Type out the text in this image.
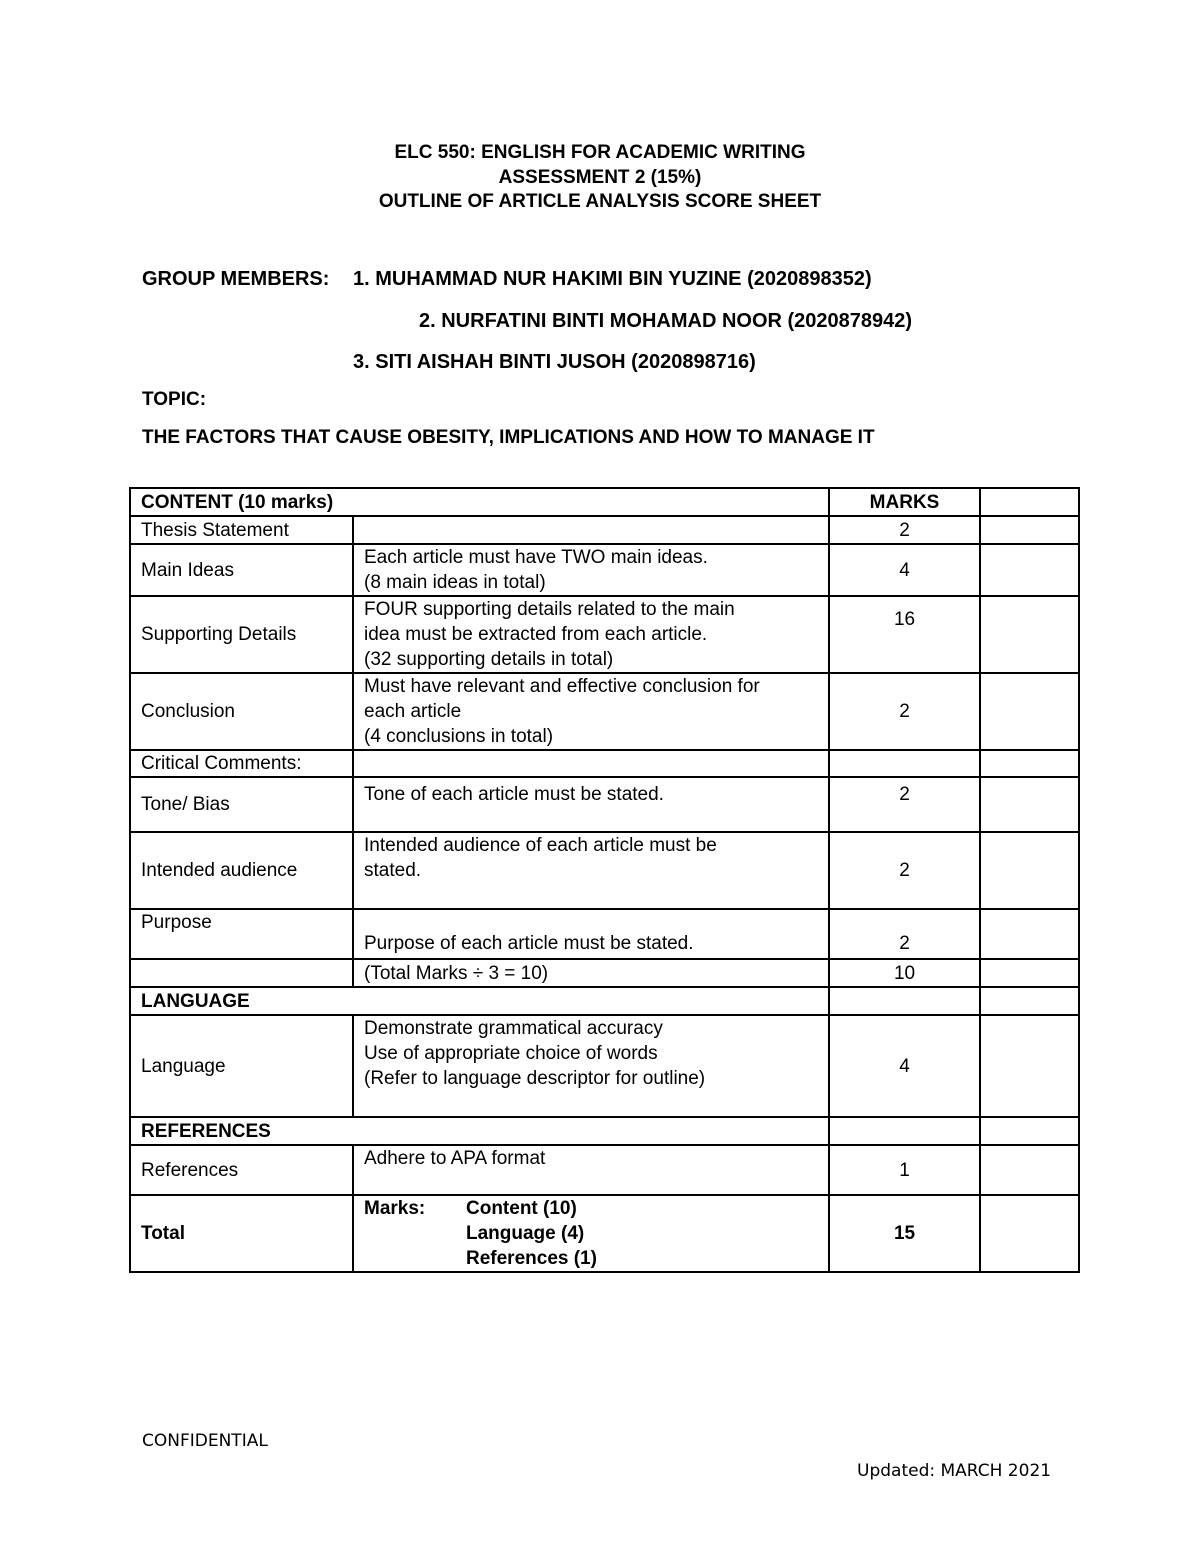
ELC 550: ENGLISH FOR ACADEMIC WRITING
ASSESSMENT 2 (15%)
OUTLINE OF ARTICLE ANALYSIS SCORE SHEET
GROUP MEMBERS: 1. MUHAMMAD NUR HAKIMI BIN YUZINE (2020898352)
2. NURFATINI BINTI MOHAMAD NOOR (2020878942)
3. SITI AISHAH BINTI JUSOH (2020898716)
TOPIC:
THE FACTORS THAT CAUSE OBESITY, IMPLICATIONS AND HOW TO MANAGE IT
CONTENT (10 marks)		MARKS	
Thesis Statement		2	
Main Ideas	Each article must have TWO main ideas.
(8 main ideas in total)	4	
Supporting Details	FOUR supporting details related to the main
idea must be extracted from each article.
(32 supporting details in total)	16	
Conclusion	Must have relevant and effective conclusion for
each article
(4 conclusions in total)	2	
Critical Comments:			
Tone/ Bias	Tone of each article must be stated.	2	
Intended audience	Intended audience of each article must be
stated.	2	
Purpose	Purpose of each article must be stated.	2	

	(Total Marks ÷ 3 = 10)	10	
LANGUAGE			
Language	Demonstrate grammatical accuracy
Use of appropriate choice of words
(Refer to language descriptor for outline)	4	
REFERENCES			
References	Adhere to APA format	1	
Total	Marks: Content (10)
Language (4)
References (1)	15	
CONFIDENTIAL
Updated: MARCH 2021
